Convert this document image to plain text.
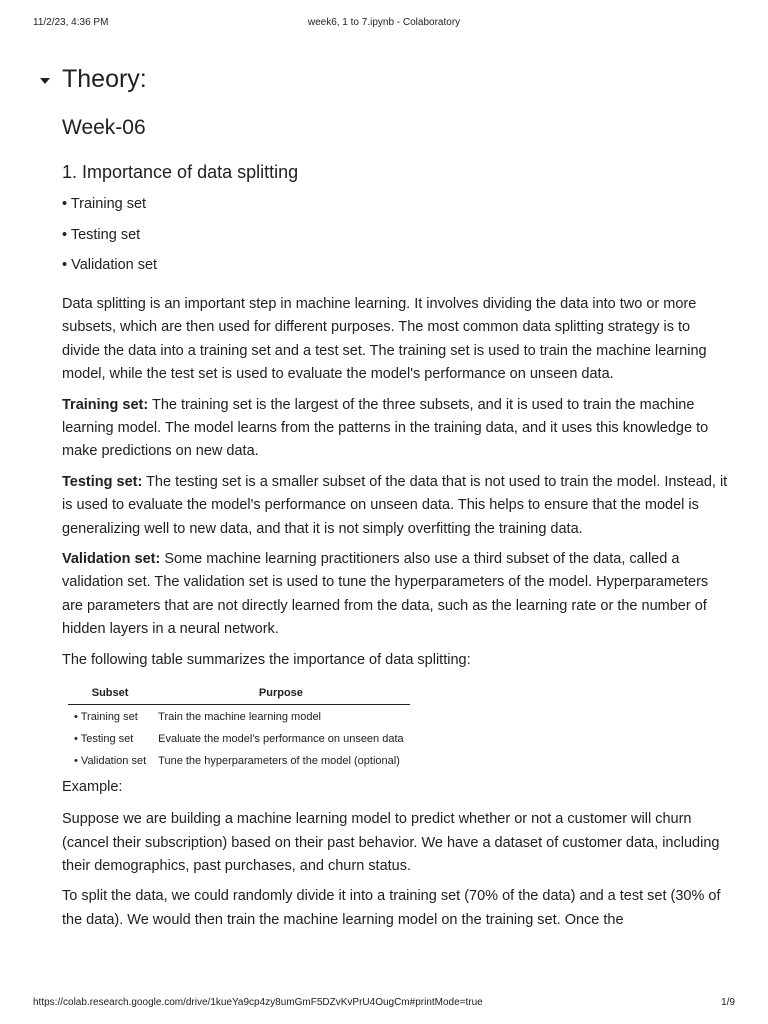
11/2/23, 4:36 PM	week6, 1 to 7.ipynb - Colaboratory
Theory:
Week-06
1. Importance of data splitting
• Training set
• Testing set
• Validation set

Data splitting is an important step in machine learning. It involves dividing the data into two or more subsets, which are then used for different purposes. The most common data splitting strategy is to divide the data into a training set and a test set. The training set is used to train the machine learning model, while the test set is used to evaluate the model's performance on unseen data.

Training set: The training set is the largest of the three subsets, and it is used to train the machine learning model. The model learns from the patterns in the training data, and it uses this knowledge to make predictions on new data.

Testing set: The testing set is a smaller subset of the data that is not used to train the model. Instead, it is used to evaluate the model's performance on unseen data. This helps to ensure that the model is generalizing well to new data, and that it is not simply overfitting the training data.

Validation set: Some machine learning practitioners also use a third subset of the data, called a validation set. The validation set is used to tune the hyperparameters of the model. Hyperparameters are parameters that are not directly learned from the data, such as the learning rate or the number of hidden layers in a neural network.

The following table summarizes the importance of data splitting:

Subset	Purpose
• Training set	Train the machine learning model
• Testing set	Evaluate the model's performance on unseen data
• Validation set	Tune the hyperparameters of the model (optional)

Example:

Suppose we are building a machine learning model to predict whether or not a customer will churn (cancel their subscription) based on their past behavior. We have a dataset of customer data, including their demographics, past purchases, and churn status.

To split the data, we could randomly divide it into a training set (70% of the data) and a test set (30% of the data). We would then train the machine learning model on the training set. Once the

https://colab.research.google.com/drive/1kueYa9cp4zy8umGmF5DZvKvPrU4OugCm#printMode=true	1/9
